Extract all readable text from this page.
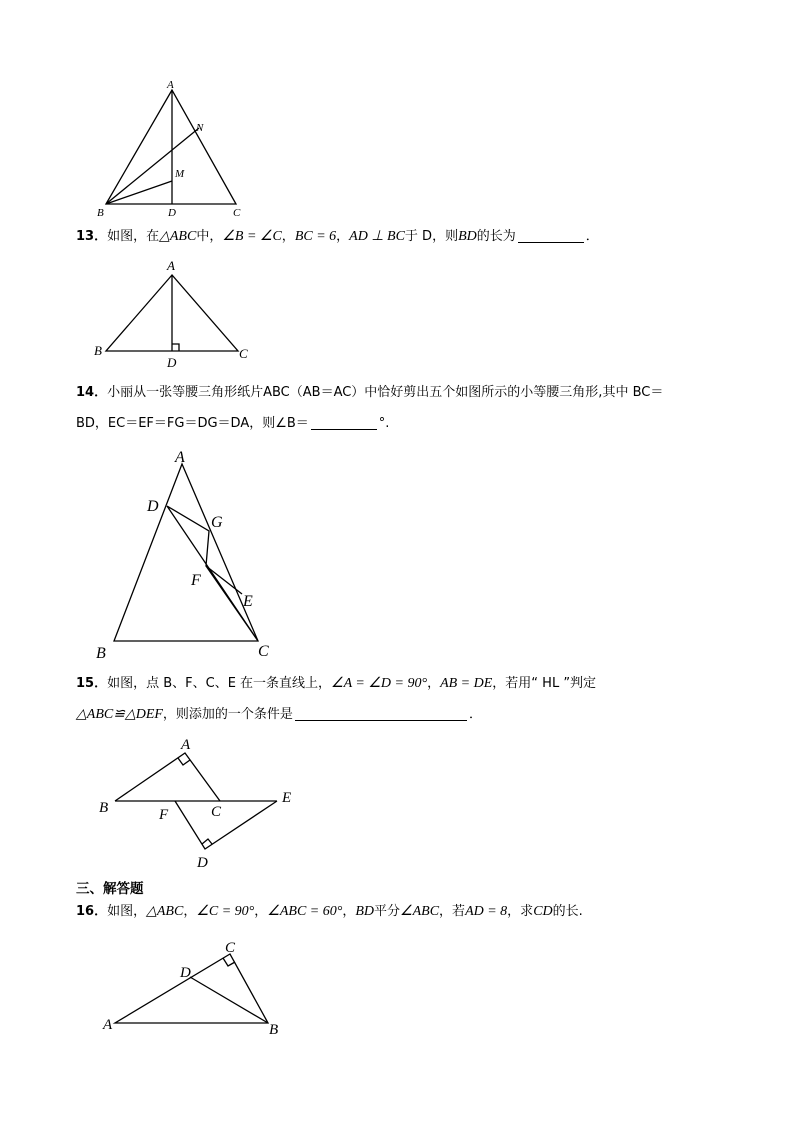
A
N
M
B	D	C
13．如图，在△ABC中，∠B = ∠C，BC = 6，AD ⊥ BC于 D，则BD的长为	．
A
B
D
C
14．小丽从一张等腰三角形纸片ABC（AB＝AC）中恰好剪出五个如图所示的小等腰三角形,其中 BC＝
BD，EC＝EF＝FG＝DG＝DA，则∠B＝	°.
A
D
G
F
E
B	C
15．如图，点 B、F、C、E 在一条直线上，∠A = ∠D = 90°，AB = DE，若用“ HL ”判定
△ABC≌△DEF，则添加的一个条件是	．
A
B	F	C
E
D
三、解答题
16．如图，△ABC，∠C = 90°，∠ABC = 60°，BD平分∠ABC，若AD = 8，求CD的长.
C
D
A	B
